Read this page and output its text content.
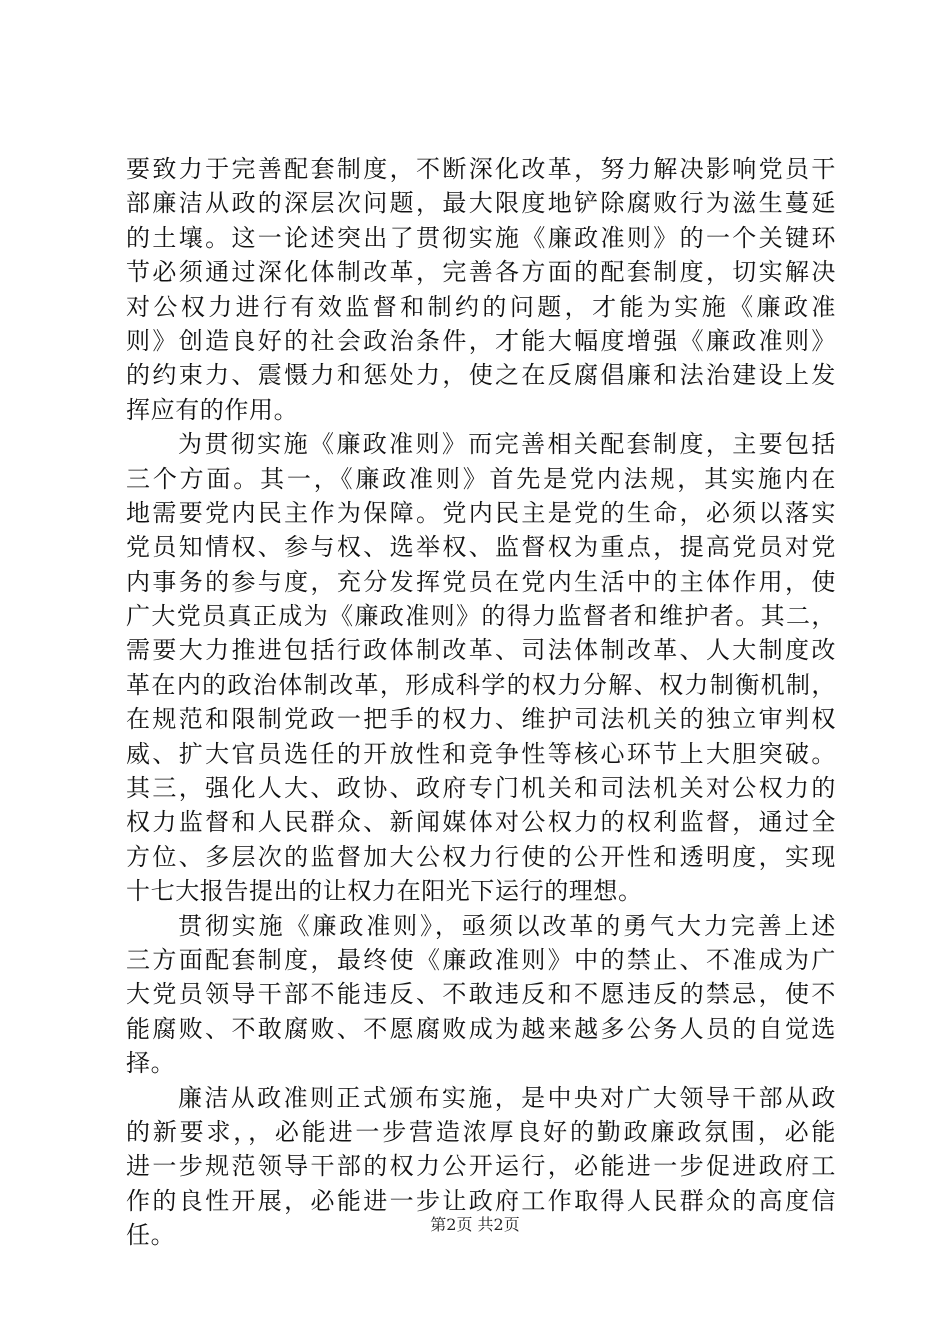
要致力于完善配套制度，不断深化改革，努力解决影响党员干
部廉洁从政的深层次问题，最大限度地铲除腐败行为滋生蔓延
的土壤。这一论述突出了贯彻实施《廉政准则》的一个关键环
节必须通过深化体制改革，完善各方面的配套制度，切实解决
对公权力进行有效监督和制约的问题，才能为实施《廉政准
则》创造良好的社会政治条件，才能大幅度增强《廉政准则》
的约束力、震慑力和惩处力，使之在反腐倡廉和法治建设上发
挥应有的作用。
为贯彻实施《廉政准则》而完善相关配套制度，主要包括
三个方面。其一，《廉政准则》首先是党内法规，其实施内在
地需要党内民主作为保障。党内民主是党的生命，必须以落实
党员知情权、参与权、选举权、监督权为重点，提高党员对党
内事务的参与度，充分发挥党员在党内生活中的主体作用，使
广大党员真正成为《廉政准则》的得力监督者和维护者。其二，
需要大力推进包括行政体制改革、司法体制改革、人大制度改
革在内的政治体制改革，形成科学的权力分解、权力制衡机制，
在规范和限制党政一把手的权力、维护司法机关的独立审判权
威、扩大官员选任的开放性和竞争性等核心环节上大胆突破。
其三，强化人大、政协、政府专门机关和司法机关对公权力的
权力监督和人民群众、新闻媒体对公权力的权利监督，通过全
方位、多层次的监督加大公权力行使的公开性和透明度，实现
十七大报告提出的让权力在阳光下运行的理想。
贯彻实施《廉政准则》，亟须以改革的勇气大力完善上述
三方面配套制度，最终使《廉政准则》中的禁止、不准成为广
大党员领导干部不能违反、不敢违反和不愿违反的禁忌，使不
能腐败、不敢腐败、不愿腐败成为越来越多公务人员的自觉选
择。
廉洁从政准则正式颁布实施，是中央对广大领导干部从政
的新要求，，必能进一步营造浓厚良好的勤政廉政氛围，必能
进一步规范领导干部的权力公开运行，必能进一步促进政府工
作的良性开展，必能进一步让政府工作取得人民群众的高度信
任。	第2页 共2页
